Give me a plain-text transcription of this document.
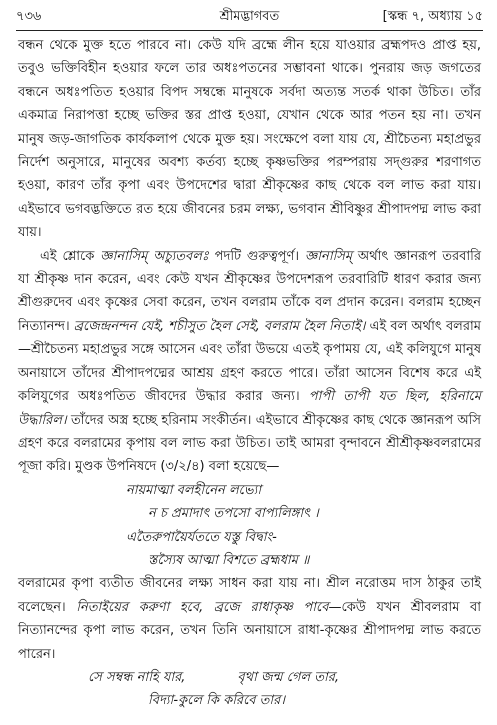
৭৩৬	শ্রীমদ্ভাগবত	[স্কন্ধ ৭, অধ্যায় ১৫

বন্ধন থেকে মুক্ত হতে পারবে না। কেউ যদি ব্রহ্মে লীন হয়ে যাওয়ার ব্রহ্মপদও প্রাপ্ত হয়, তবুও ভক্তিবিহীন হওয়ার ফলে তার অধঃপতনের সম্ভাবনা থাকে। পুনরায় জড় জগতের বন্ধনে অধঃপতিত হওয়ার বিপদ সম্বন্ধে মানুষকে সর্বদা অত্যন্ত সতর্ক থাকা উচিত। তাঁর একমাত্র নিরাপত্তা হচ্ছে ভক্তির স্তর প্রাপ্ত হওয়া, যেখান থেকে আর পতন হয় না। তখন মানুষ জড়-জাগতিক কার্যকলাপ থেকে মুক্ত হয়। সংক্ষেপে বলা যায় যে, শ্রীচৈতন্য মহাপ্রভুর নির্দেশ অনুসারে, মানুষের অবশ্য কর্তব্য হচ্ছে কৃষ্ণভক্তির পরম্পরায় সদ্গুরুর শরণাগত হওয়া, কারণ তাঁর কৃপা এবং উপদেশের দ্বারা শ্রীকৃষ্ণের কাছ থেকে বল লাভ করা যায়। এইভাবে ভগবদ্ভক্তিতে রত হয়ে জীবনের চরম লক্ষ্য, ভগবান শ্রীবিষ্ণুর শ্রীপাদপদ্ম লাভ করা যায়।

এই শ্লোকে জ্ঞানাসিম্ অচ্যুতবলঃ পদটি গুরুত্বপূর্ণ। জ্ঞানাসিম্ অর্থাৎ জ্ঞানরূপ তরবারি যা শ্রীকৃষ্ণ দান করেন, এবং কেউ যখন শ্রীকৃষ্ণের উপদেশরূপ তরবারিটি ধারণ করার জন্য শ্রীগুরুদেব এবং কৃষ্ণের সেবা করেন, তখন বলরাম তাঁকে বল প্রদান করেন। বলরাম হচ্ছেন নিত্যানন্দ। ব্রজেন্দ্রনন্দন যেই, শচীসুত হৈল সেই, বলরাম হৈল নিতাই। এই বল অর্থাৎ বলরাম—শ্রীচৈতন্য মহাপ্রভুর সঙ্গে আসেন এবং তাঁরা উভয়ে এতই কৃপাময় যে, এই কলিযুগে মানুষ অনায়াসে তাঁদের শ্রীপাদপদ্মের আশ্রয় গ্রহণ করতে পারে। তাঁরা আসেন বিশেষ করে এই কলিযুগের অধঃপতিত জীবদের উদ্ধার করার জন্য। পাপী তাপী যত ছিল, হরিনামে উদ্ধারিল। তাঁদের অস্ত্র হচ্ছে হরিনাম সংকীর্তন। এইভাবে শ্রীকৃষ্ণের কাছ থেকে জ্ঞানরূপ অসি গ্রহণ করে বলরামের কৃপায় বল লাভ করা উচিত। তাই আমরা বৃন্দাবনে শ্রীশ্রীকৃষ্ণবলরামের পূজা করি। মুণ্ডক উপনিষদে (৩/২/৪) বলা হয়েছে—

নায়মাত্মা বলহীনেন লভ্যো
ন চ প্রমাদাৎ তপসো বাপ্যলিঙ্গাৎ ।
এতৈরুপায়ৈর্যততে যস্তু বিদ্বাং-
স্তস্যৈষ আত্মা বিশতে ব্রহ্মধাম ॥

বলরামের কৃপা ব্যতীত জীবনের লক্ষ্য সাধন করা যায় না। শ্রীল নরোত্তম দাস ঠাকুর তাই বলেছেন। নিতাইয়ের করুণা হবে, ব্রজে রাধাকৃষ্ণ পাবে—কেউ যখন শ্রীবলরাম বা নিত্যানন্দের কৃপা লাভ করেন, তখন তিনি অনায়াসে রাধা-কৃষ্ণের শ্রীপাদপদ্ম লাভ করতে পারেন।

সে সম্বন্ধ নাহি যার,	বৃথা জন্ম গেল তার,
বিদ্যা-কুলে কি করিবে তার।
